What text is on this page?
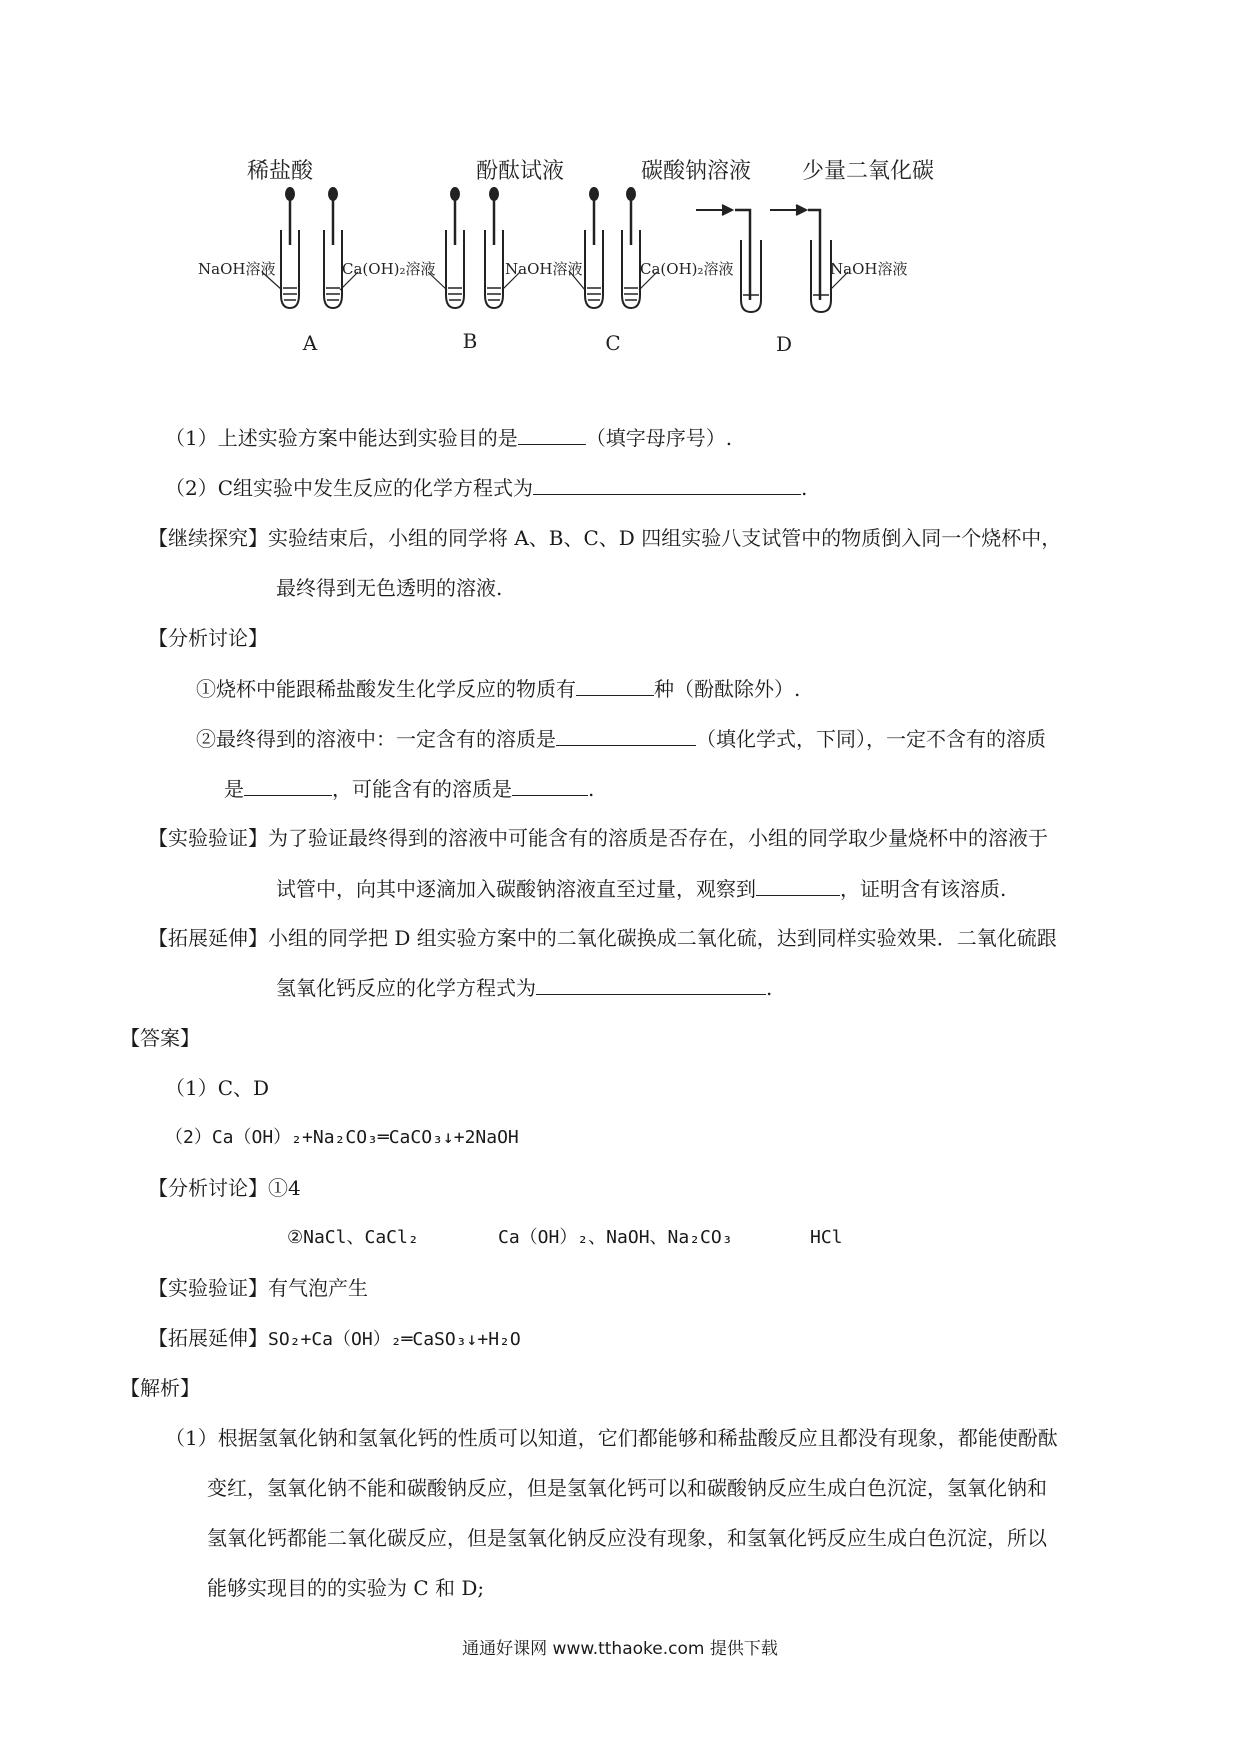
稀盐酸	酚酞试液	碳酸钠溶液 少量二氧化碳
NaOH溶液	Ca(OH)₂溶液	NaOH溶液	Ca(OH)₂溶液	NaOH溶液
A	B	C	D
（1）上述实验方案中能达到实验目的是	（填字母序号）.
（2）C组实验中发生反应的化学方程式为	.
【继续探究】实验结束后，小组的同学将 A、B、C、D 四组实验八支试管中的物质倒入同一个烧杯中，
最终得到无色透明的溶液.
【分析讨论】
①烧杯中能跟稀盐酸发生化学反应的物质有	种（酚酞除外）.
②最终得到的溶液中：一定含有的溶质是	（填化学式，下同），一定不含有的溶质
是	，可能含有的溶质是	.
【实验验证】为了验证最终得到的溶液中可能含有的溶质是否存在，小组的同学取少量烧杯中的溶液于
试管中，向其中逐滴加入碳酸钠溶液直至过量，观察到	，证明含有该溶质.
【拓展延伸】小组的同学把 D 组实验方案中的二氧化碳换成二氧化硫，达到同样实验效果．二氧化硫跟
氢氧化钙反应的化学方程式为	.
【答案】
（1）C、D
（2）Ca（OH）₂+Na₂CO₃═CaCO₃↓+2NaOH
【分析讨论】①4
②NaCl、CaCl₂	Ca（OH）₂、NaOH、Na₂CO₃	HCl
【实验验证】有气泡产生
【拓展延伸】SO₂+Ca（OH）₂═CaSO₃↓+H₂O
【解析】
（1）根据氢氧化钠和氢氧化钙的性质可以知道，它们都能够和稀盐酸反应且都没有现象，都能使酚酞
变红，氢氧化钠不能和碳酸钠反应，但是氢氧化钙可以和碳酸钠反应生成白色沉淀，氢氧化钠和
氢氧化钙都能二氧化碳反应，但是氢氧化钠反应没有现象，和氢氧化钙反应生成白色沉淀，所以
能够实现目的的实验为 C 和 D;
通通好课网 www.tthaoke.com 提供下载
